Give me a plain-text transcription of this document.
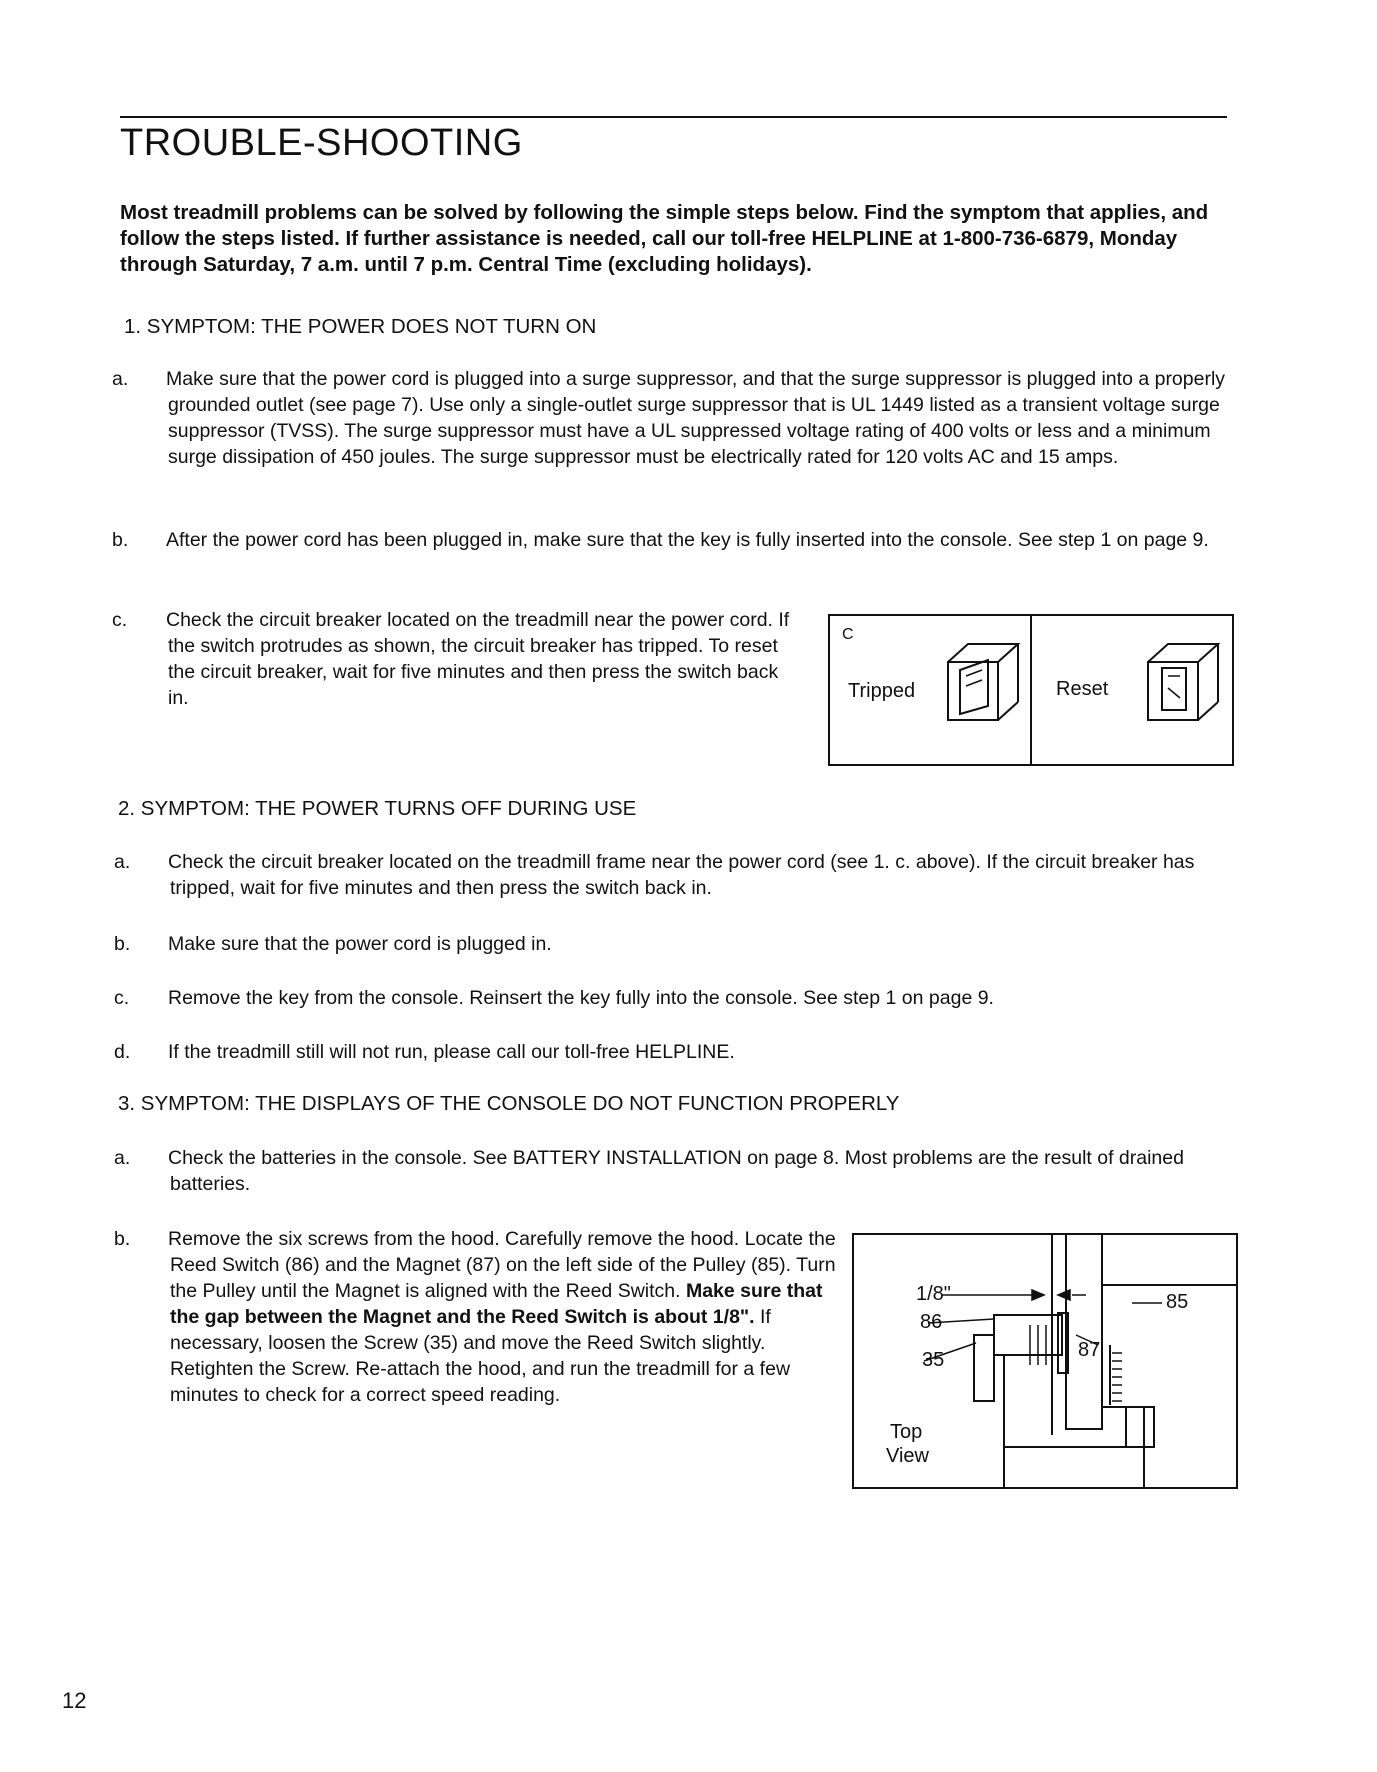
TROUBLE-SHOOTING
Most treadmill problems can be solved by following the simple steps below. Find the symptom that applies, and follow the steps listed. If further assistance is needed, call our toll-free HELPLINE at 1-800-736-6879, Monday through Saturday, 7 a.m. until 7 p.m. Central Time (excluding holidays).
1. SYMPTOM: THE POWER DOES NOT TURN ON
a. Make sure that the power cord is plugged into a surge suppressor, and that the surge suppressor is plugged into a properly grounded outlet (see page 7). Use only a single-outlet surge suppressor that is UL 1449 listed as a transient voltage surge suppressor (TVSS). The surge suppressor must have a UL suppressed voltage rating of 400 volts or less and a minimum surge dissipation of 450 joules. The surge suppressor must be electrically rated for 120 volts AC and 15 amps.
b. After the power cord has been plugged in, make sure that the key is fully inserted into the console. See step 1 on page 9.
c. Check the circuit breaker located on the treadmill near the power cord. If the switch protrudes as shown, the circuit breaker has tripped. To reset the circuit breaker, wait for five minutes and then press the switch back in.
C
Tripped	Reset
2. SYMPTOM: THE POWER TURNS OFF DURING USE
a. Check the circuit breaker located on the treadmill frame near the power cord (see 1. c. above). If the circuit breaker has tripped, wait for five minutes and then press the switch back in.
b. Make sure that the power cord is plugged in.
c. Remove the key from the console. Reinsert the key fully into the console. See step 1 on page 9.
d. If the treadmill still will not run, please call our toll-free HELPLINE.
3. SYMPTOM: THE DISPLAYS OF THE CONSOLE DO NOT FUNCTION PROPERLY
a. Check the batteries in the console. See BATTERY INSTALLATION on page 8. Most problems are the result of drained batteries.
b. Remove the six screws from the hood. Carefully remove the hood. Locate the Reed Switch (86) and the Magnet (87) on the left side of the Pulley (85). Turn the Pulley until the Magnet is aligned with the Reed Switch. Make sure that the gap between the Magnet and the Reed Switch is about 1/8". If necessary, loosen the Screw (35) and move the Reed Switch slightly. Retighten the Screw. Re-attach the hood, and run the treadmill for a few minutes to check for a correct speed reading.
1/8"	85
86
87
35
Top
View
12
